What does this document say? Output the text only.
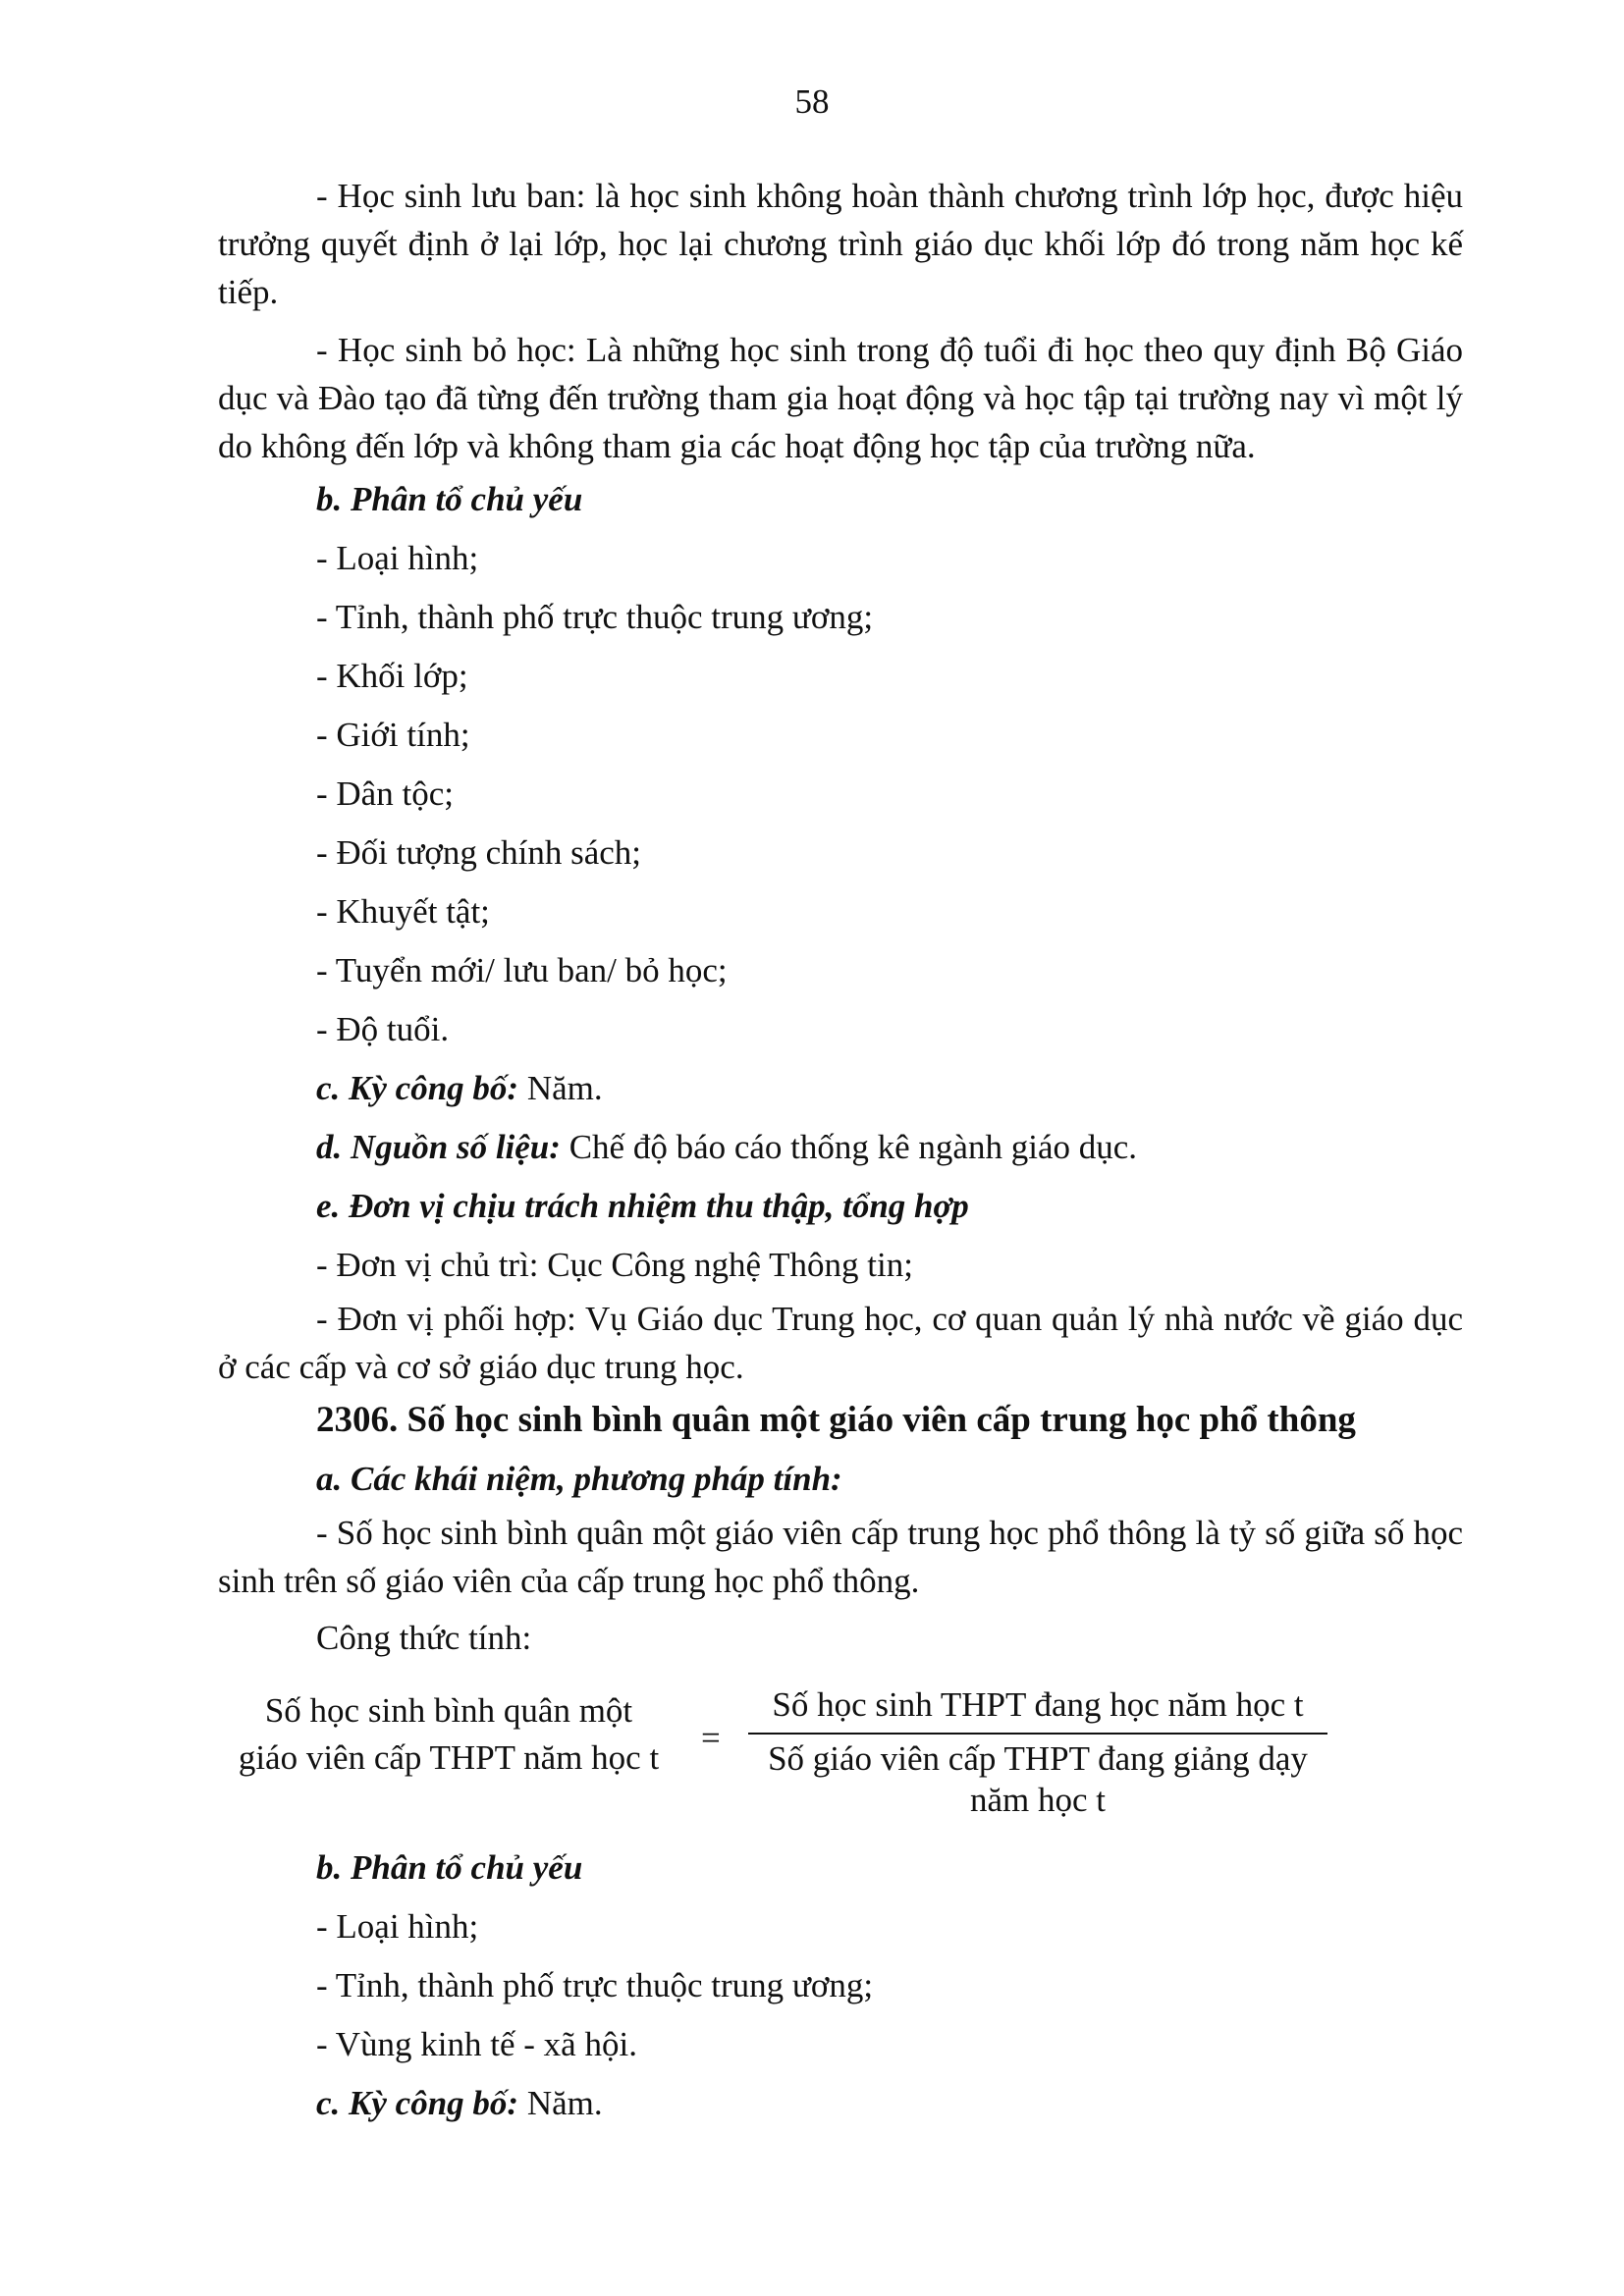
58

- Học sinh lưu ban: là học sinh không hoàn thành chương trình lớp học, được hiệu trưởng quyết định ở lại lớp, học lại chương trình giáo dục khối lớp đó trong năm học kế tiếp.

- Học sinh bỏ học: Là những học sinh trong độ tuổi đi học theo quy định Bộ Giáo dục và Đào tạo đã từng đến trường tham gia hoạt động và học tập tại trường nay vì một lý do không đến lớp và không tham gia các hoạt động học tập của trường nữa.

b. Phân tổ chủ yếu
- Loại hình;
- Tỉnh, thành phố trực thuộc trung ương;
- Khối lớp;
- Giới tính;
- Dân tộc;
- Đối tượng chính sách;
- Khuyết tật;
- Tuyển mới/ lưu ban/ bỏ học;
- Độ tuổi.
c. Kỳ công bố: Năm.
d. Nguồn số liệu: Chế độ báo cáo thống kê ngành giáo dục.
e. Đơn vị chịu trách nhiệm thu thập, tổng hợp
- Đơn vị chủ trì: Cục Công nghệ Thông tin;

- Đơn vị phối hợp: Vụ Giáo dục Trung học, cơ quan quản lý nhà nước về giáo dục ở các cấp và cơ sở giáo dục trung học.

2306. Số học sinh bình quân một giáo viên cấp trung học phổ thông
a. Các khái niệm, phương pháp tính:

- Số học sinh bình quân một giáo viên cấp trung học phổ thông là tỷ số giữa số học sinh trên số giáo viên của cấp trung học phổ thông.

Công thức tính:
Số học sinh bình quân một
giáo viên cấp THPT năm học t
=
Số học sinh THPT đang học năm học t
Số giáo viên cấp THPT đang giảng dạy
năm học t
b. Phân tổ chủ yếu
- Loại hình;
- Tỉnh, thành phố trực thuộc trung ương;
- Vùng kinh tế - xã hội.
c. Kỳ công bố: Năm.
